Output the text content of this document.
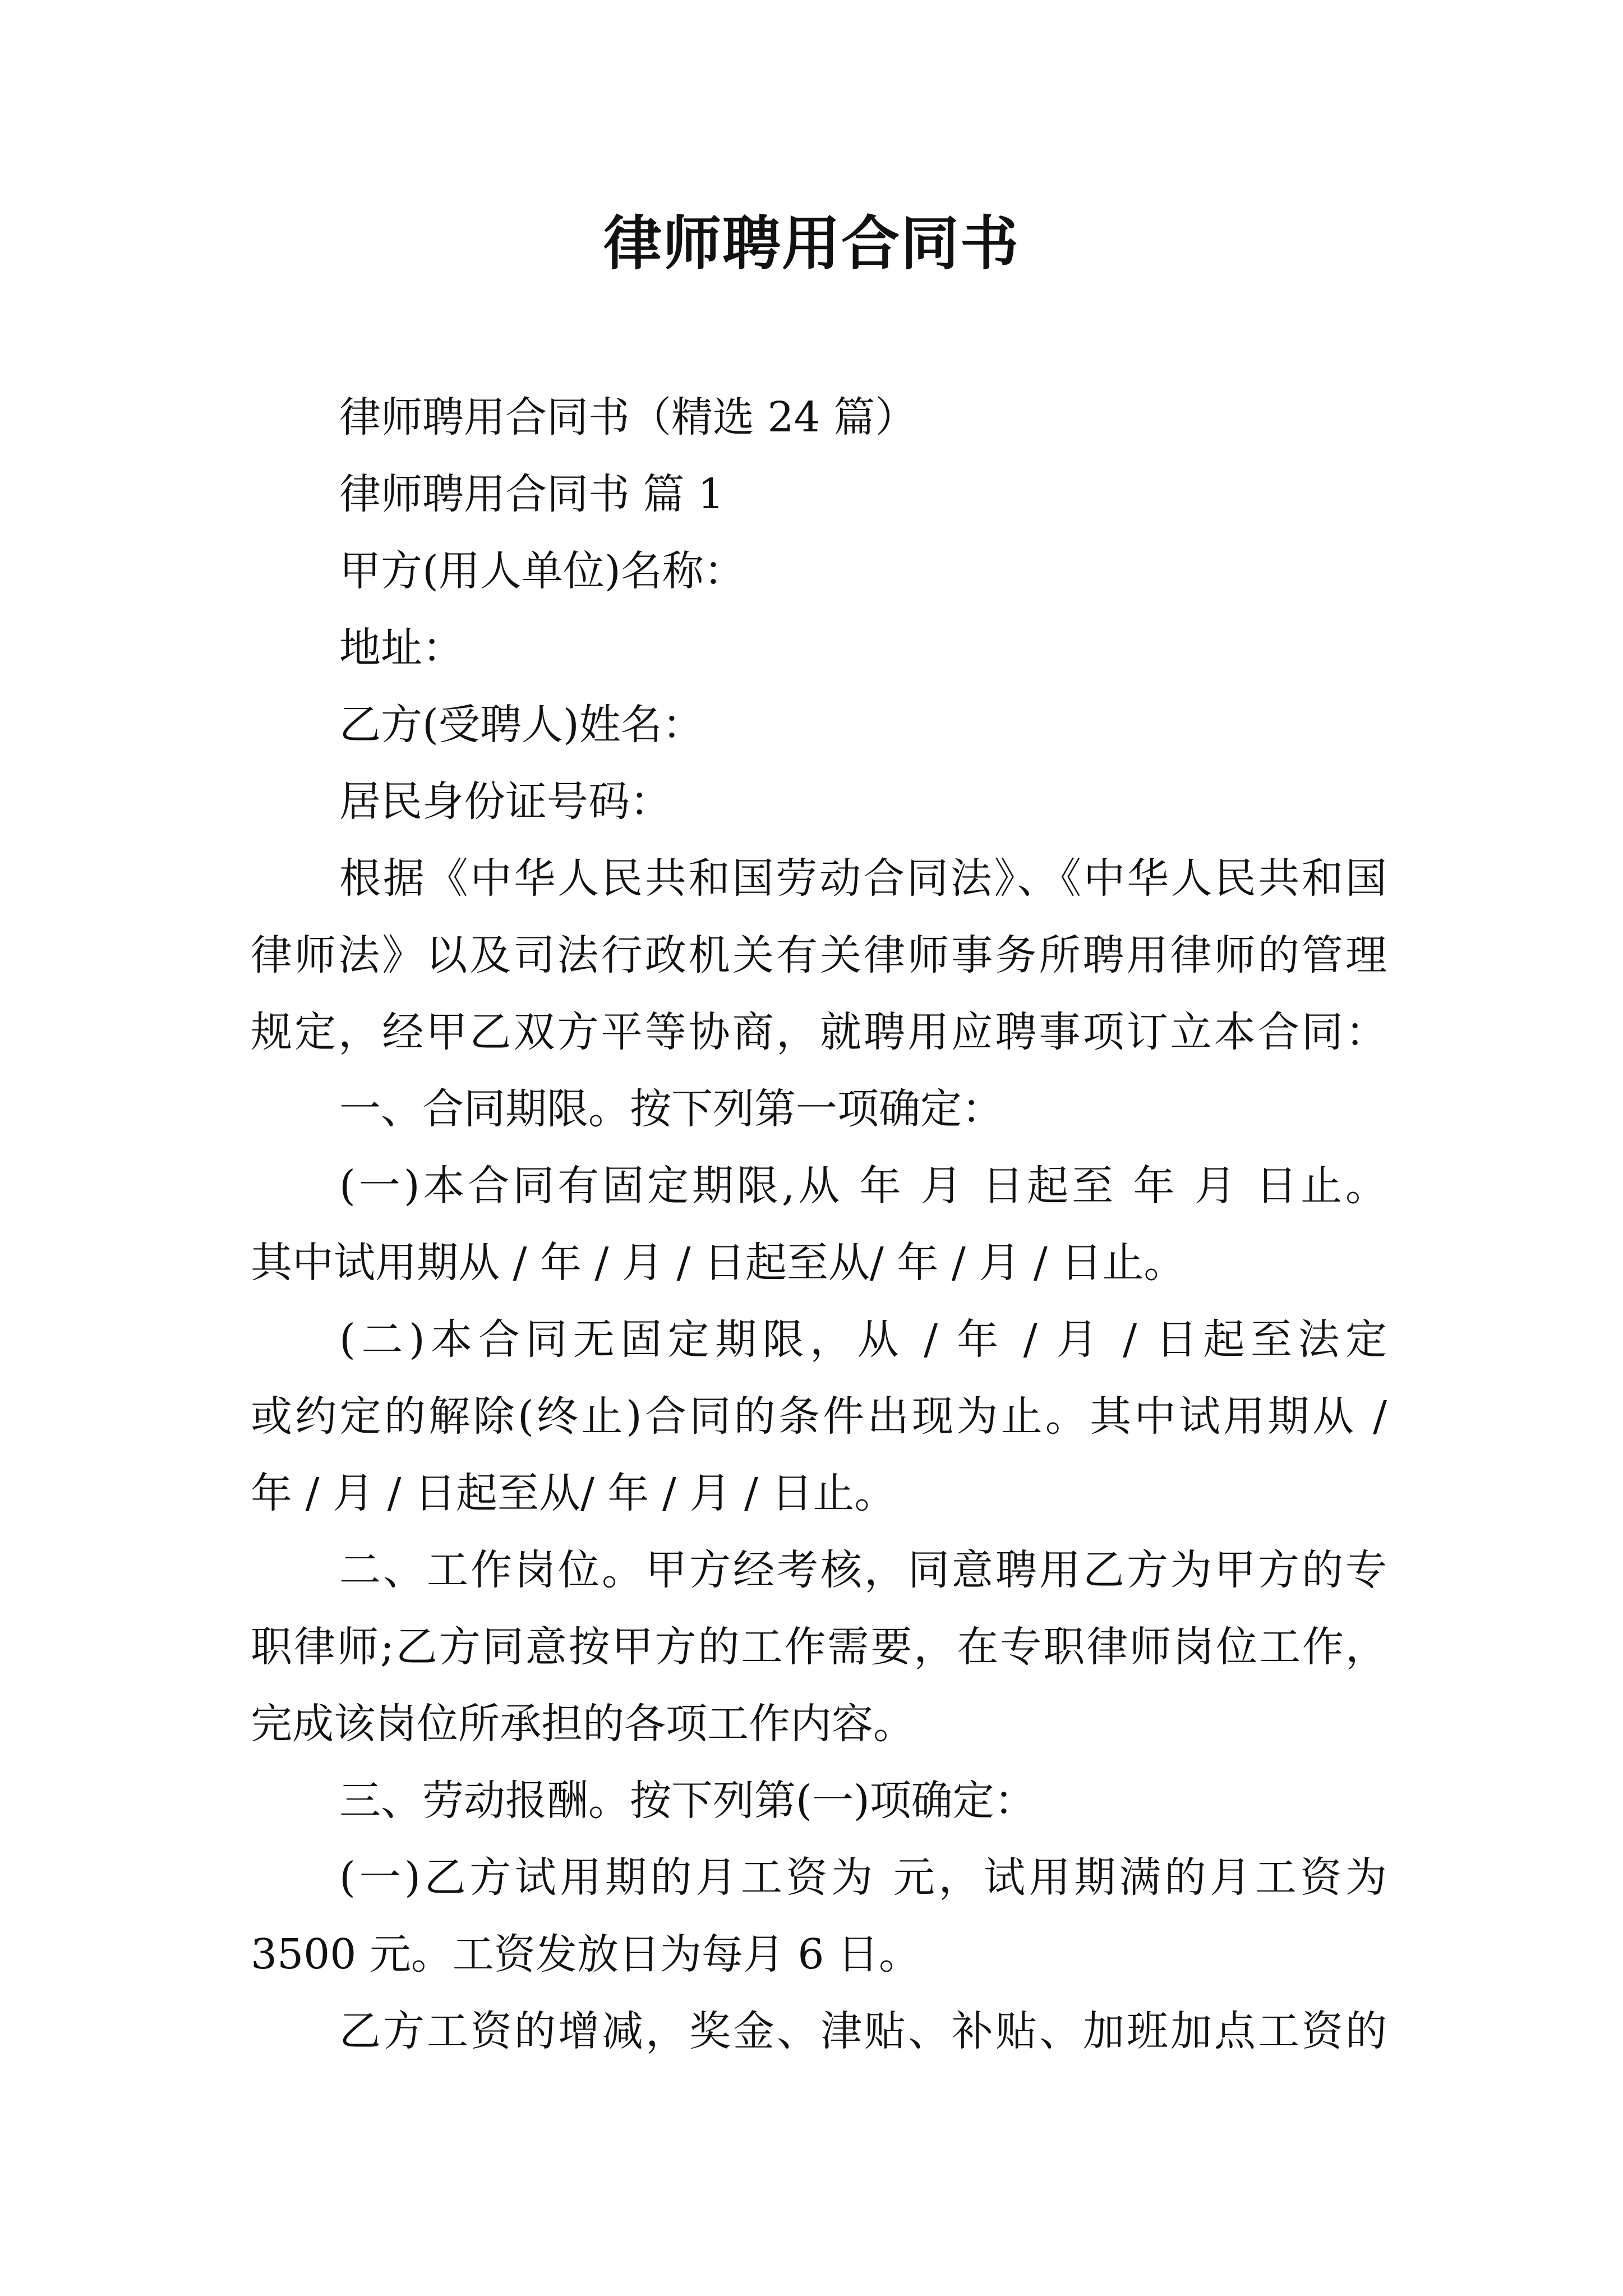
律师聘用合同书
律师聘用合同书（精选 24 篇）
律师聘用合同书 篇 1
甲方(用人单位)名称：
地址：
乙方(受聘人)姓名：
居民身份证号码：
根据《中华人民共和国劳动合同法》、《中华人民共和国
律师法》以及司法行政机关有关律师事务所聘用律师的管理
规定，经甲乙双方平等协商，就聘用应聘事项订立本合同：
一、合同期限。按下列第一项确定：
(一)本合同有固定期限,从 年 月 日起至 年 月 日止。
其中试用期从 / 年 / 月 / 日起至从/ 年 / 月 / 日止。
(二)本合同无固定期限，从 / 年 / 月 / 日起至法定
或约定的解除(终止)合同的条件出现为止。其中试用期从 /
年 / 月 / 日起至从/ 年 / 月 / 日止。
二、工作岗位。甲方经考核，同意聘用乙方为甲方的专
职律师;乙方同意按甲方的工作需要，在专职律师岗位工作，
完成该岗位所承担的各项工作内容。
三、劳动报酬。按下列第(一)项确定：
(一)乙方试用期的月工资为 元，试用期满的月工资为
3500 元。工资发放日为每月 6 日。
乙方工资的增减，奖金、津贴、补贴、加班加点工资的
